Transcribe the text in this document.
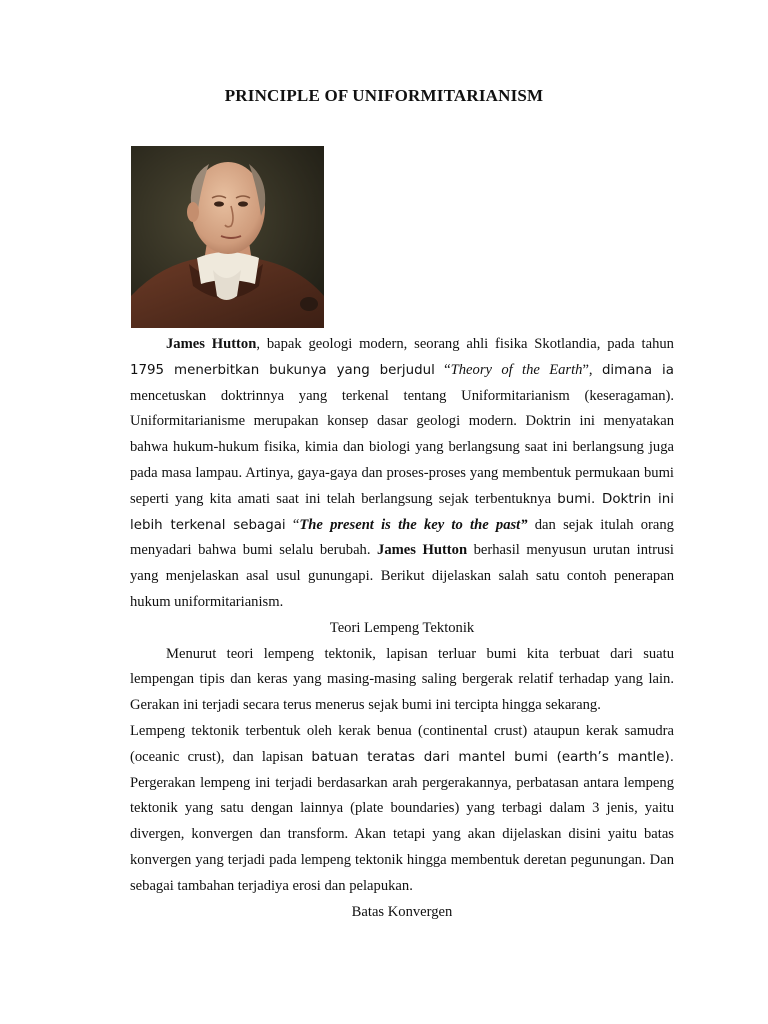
PRINCIPLE OF UNIFORMITARIANISM

James Hutton, bapak geologi modern, seorang ahli fisika Skotlandia, pada tahun 1795 menerbitkan bukunya yang berjudul “Theory of the Earth”, dimana ia mencetuskan doktrinnya yang terkenal tentang Uniformitarianism (keseragaman). Uniformitarianisme merupakan konsep dasar geologi modern. Doktrin ini menyatakan bahwa hukum-hukum fisika, kimia dan biologi yang berlangsung saat ini berlangsung juga pada masa lampau. Artinya, gaya-gaya dan proses-proses yang membentuk permukaan bumi seperti yang kita amati saat ini telah berlangsung sejak terbentuknya bumi. Doktrin ini lebih terkenal sebagai “The present is the key to the past” dan sejak itulah orang menyadari bahwa bumi selalu berubah. James Hutton berhasil menyusun urutan intrusi yang menjelaskan asal usul gunungapi. Berikut dijelaskan salah satu contoh penerapan hukum uniformitarianism.

Teori Lempeng Tektonik

Menurut teori lempeng tektonik, lapisan terluar bumi kita terbuat dari suatu lempengan tipis dan keras yang masing-masing saling bergerak relatif terhadap yang lain. Gerakan ini terjadi secara terus menerus sejak bumi ini tercipta hingga sekarang.

Lempeng tektonik terbentuk oleh kerak benua (continental crust) ataupun kerak samudra (oceanic crust), dan lapisan batuan teratas dari mantel bumi (earth’s mantle). Pergerakan lempeng ini terjadi berdasarkan arah pergerakannya, perbatasan antara lempeng tektonik yang satu dengan lainnya (plate boundaries) yang terbagi dalam 3 jenis, yaitu divergen, konvergen dan transform. Akan tetapi yang akan dijelaskan disini yaitu batas konvergen yang terjadi pada lempeng tektonik hingga membentuk deretan pegunungan. Dan sebagai tambahan terjadiya erosi dan pelapukan.

Batas Konvergen
